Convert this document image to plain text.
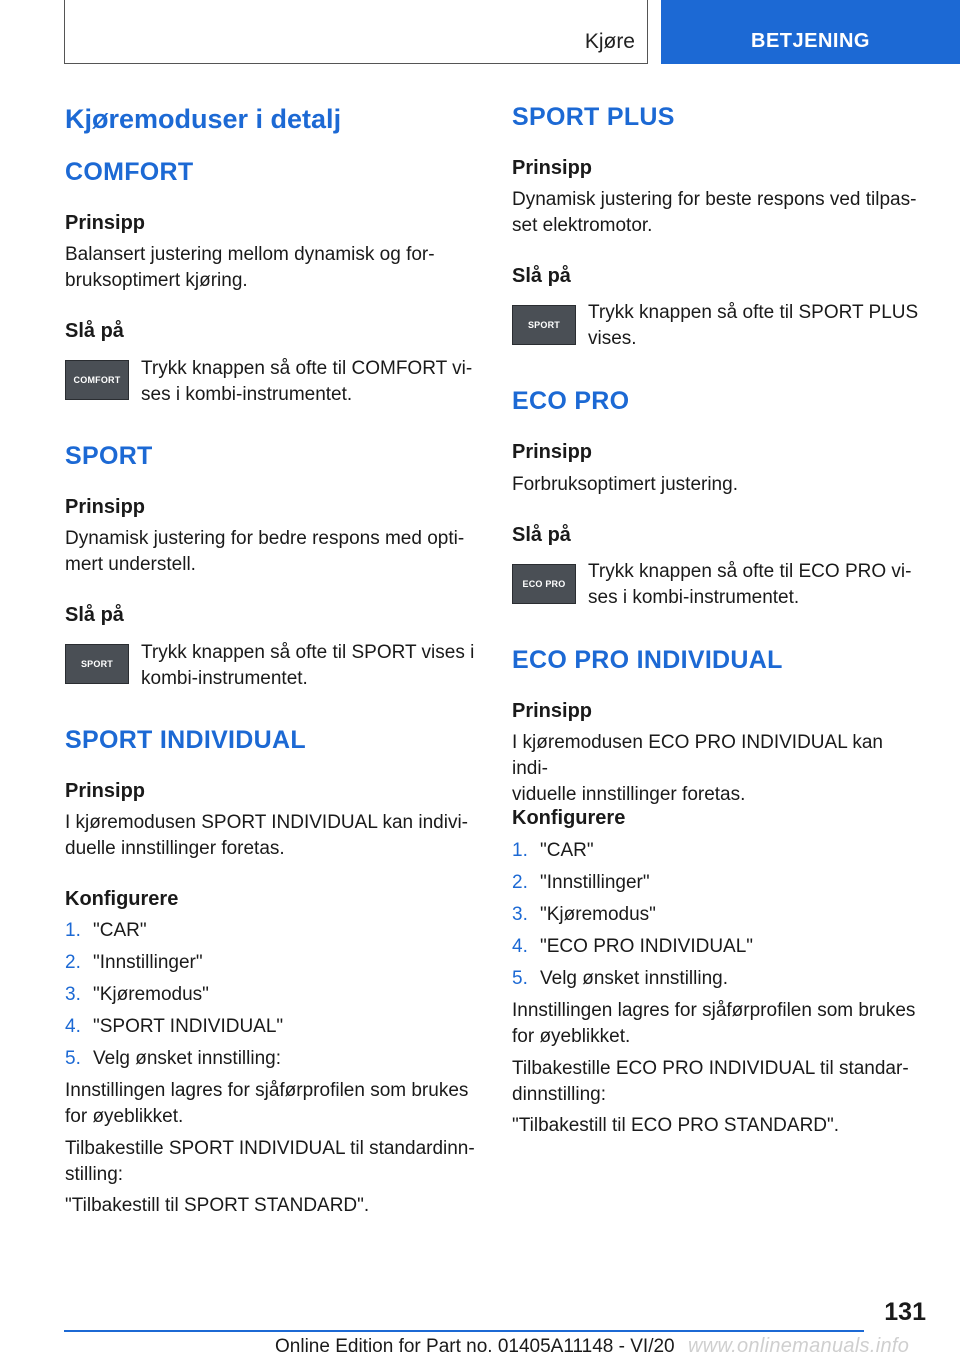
Kjøre	BETJENING
Kjøremoduser i detalj
COMFORT
Prinsipp
Balansert justering mellom dynamisk og for-
bruksoptimert kjøring.
Slå på
COMFORT
Trykk knappen så ofte til COMFORT vi-
ses i kombi-instrumentet.
SPORT
Prinsipp
Dynamisk justering for bedre respons med opti-
mert understell.
Slå på
SPORT
Trykk knappen så ofte til SPORT vises i
kombi-instrumentet.
SPORT INDIVIDUAL
Prinsipp
I kjøremodusen SPORT INDIVIDUAL kan indivi-
duelle innstillinger foretas.
Konfigurere
1. "CAR"
2. "Innstillinger"
3. "Kjøremodus"
4. "SPORT INDIVIDUAL"
5. Velg ønsket innstilling:
Innstillingen lagres for sjåførprofilen som brukes
for øyeblikket.
Tilbakestille SPORT INDIVIDUAL til standardinn-
stilling:
"Tilbakestill til SPORT STANDARD".
SPORT PLUS
Prinsipp
Dynamisk justering for beste respons ved tilpas-
set elektromotor.
Slå på
SPORT
Trykk knappen så ofte til SPORT PLUS
vises.
ECO PRO
Prinsipp
Forbruksoptimert justering.
Slå på
ECO PRO
Trykk knappen så ofte til ECO PRO vi-
ses i kombi-instrumentet.
ECO PRO INDIVIDUAL
Prinsipp
I kjøremodusen ECO PRO INDIVIDUAL kan indi-
viduelle innstillinger foretas.
Konfigurere
1. "CAR"
2. "Innstillinger"
3. "Kjøremodus"
4. "ECO PRO INDIVIDUAL"
5. Velg ønsket innstilling.
Innstillingen lagres for sjåførprofilen som brukes
for øyeblikket.
Tilbakestille ECO PRO INDIVIDUAL til standar-
dinnstilling:
"Tilbakestill til ECO PRO STANDARD".
131
Online Edition for Part no. 01405A11148 - VI/20 www.onlinemanuals.info
